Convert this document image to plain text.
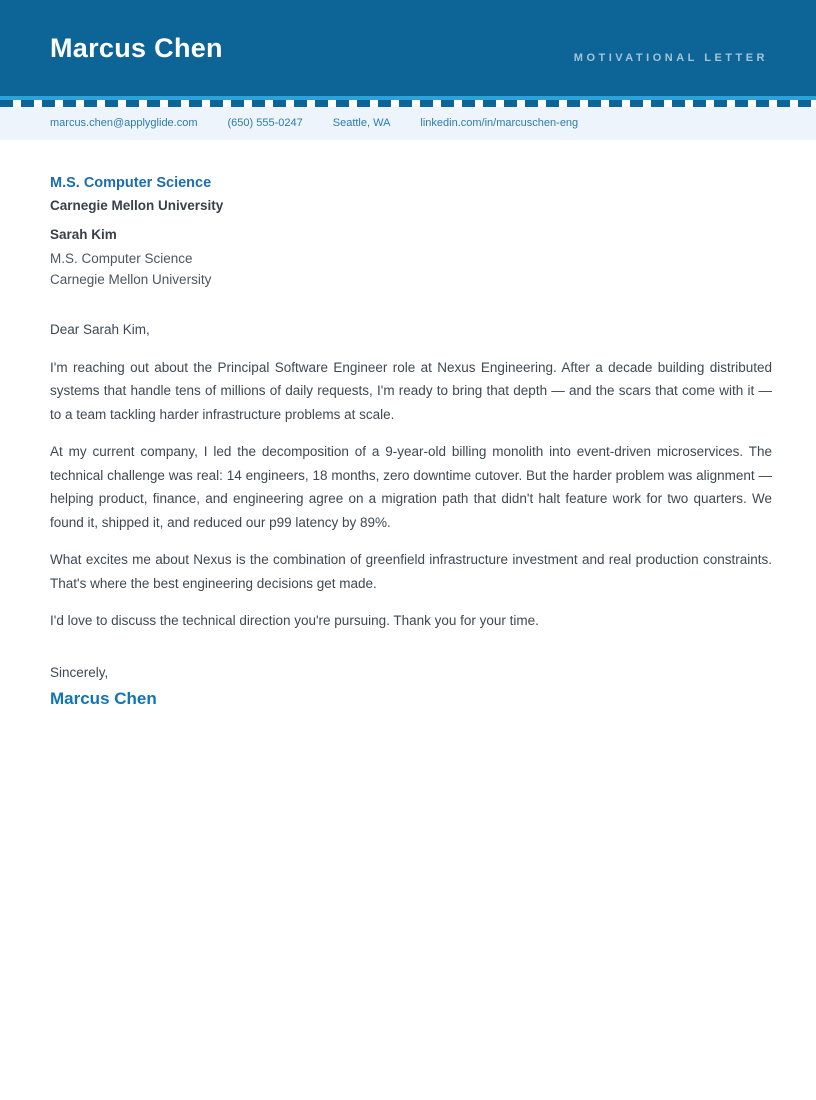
Marcus Chen	MOTIVATIONAL LETTER
marcus.chen@applyglide.com	(650) 555-0247	Seattle, WA	linkedin.com/in/marcuschen-eng
M.S. Computer Science
Carnegie Mellon University
Sarah Kim
M.S. Computer Science
Carnegie Mellon University

Dear Sarah Kim,

I'm reaching out about the Principal Software Engineer role at Nexus Engineering. After a decade building distributed systems that handle tens of millions of daily requests, I'm ready to bring that depth — and the scars that come with it — to a team tackling harder infrastructure problems at scale.

At my current company, I led the decomposition of a 9-year-old billing monolith into event-driven microservices. The technical challenge was real: 14 engineers, 18 months, zero downtime cutover. But the harder problem was alignment — helping product, finance, and engineering agree on a migration path that didn't halt feature work for two quarters. We found it, shipped it, and reduced our p99 latency by 89%.

What excites me about Nexus is the combination of greenfield infrastructure investment and real production constraints. That's where the best engineering decisions get made.

I'd love to discuss the technical direction you're pursuing. Thank you for your time.

Sincerely,

Marcus Chen
